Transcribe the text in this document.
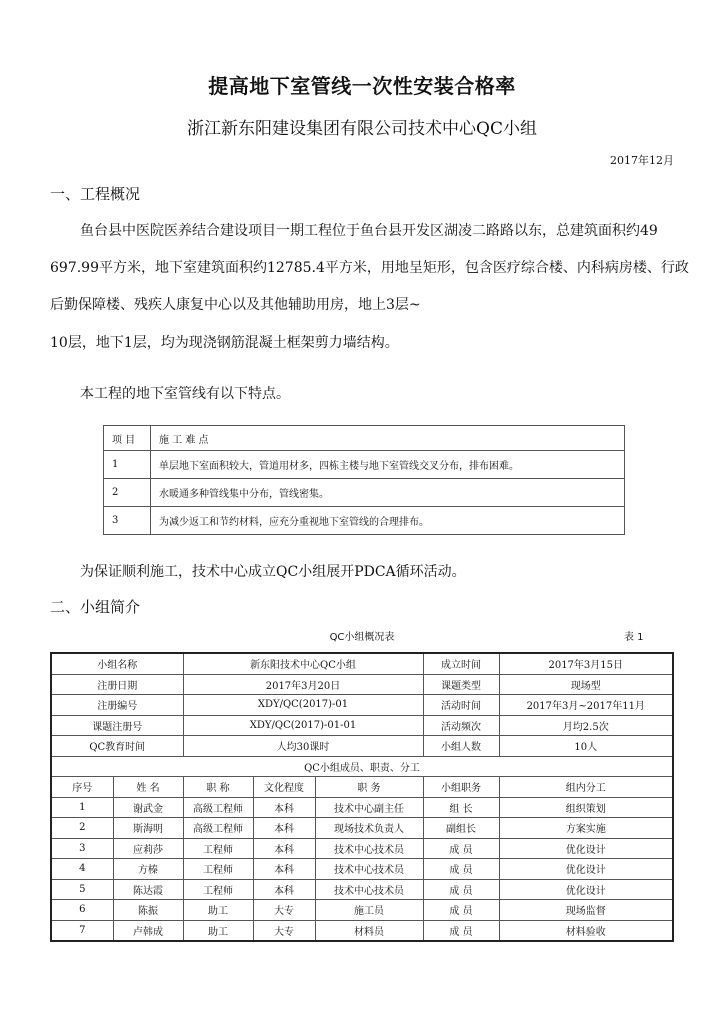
提高地下室管线一次性安装合格率
浙江新东阳建设集团有限公司技术中心QC小组
2017年12月
一、工程概况
鱼台县中医院医养结合建设项目一期工程位于鱼台县开发区湖凌二路路以东，总建筑面积约49
697.99平方米，地下室建筑面积约12785.4平方米，用地呈矩形，包含医疗综合楼、内科病房楼、行政
后勤保障楼、残疾人康复中心以及其他辅助用房，地上3层~
10层，地下1层，均为现浇钢筋混凝土框架剪力墙结构。
本工程的地下室管线有以下特点。
项 目	施 工 难 点
1	单层地下室面积较大，管道用材多，四栋主楼与地下室管线交叉分布，排布困难。
2	水暖通多种管线集中分布，管线密集。
3	为减少返工和节约材料，应充分重视地下室管线的合理排布。
为保证顺利施工，技术中心成立QC小组展开PDCA循环活动。
二、小组简介
QC小组概况表	表 1
小组名称		新东阳技术中心QC小组			成立时间	2017年3月15日
注册日期		2017年3月20日			课题类型	现场型
注册编号		XDY/QC(2017)-01			活动时间	2017年3月~2017年11月
课题注册号		XDY/QC(2017)-01-01			活动频次	月均2.5次
QC教育时间		人均30课时			小组人数	10人
QC小组成员、职责、分工						
序号	姓 名	职 称	文化程度	职 务	小组职务	组内分工
1	谢武金	高级工程师	本科	技术中心副主任	组 长	组织策划
2	斯海明	高级工程师	本科	现场技术负责人	副组长	方案实施
3	应莉莎	工程师	本科	技术中心技术员	成 员	优化设计
4	方榛	工程师	本科	技术中心技术员	成 员	优化设计
5	陈达霞	工程师	本科	技术中心技术员	成 员	优化设计
6	陈振	助工	大专	施工员	成 员	现场监督
7	卢韩成	助工	大专	材料员	成 员	材料验收
